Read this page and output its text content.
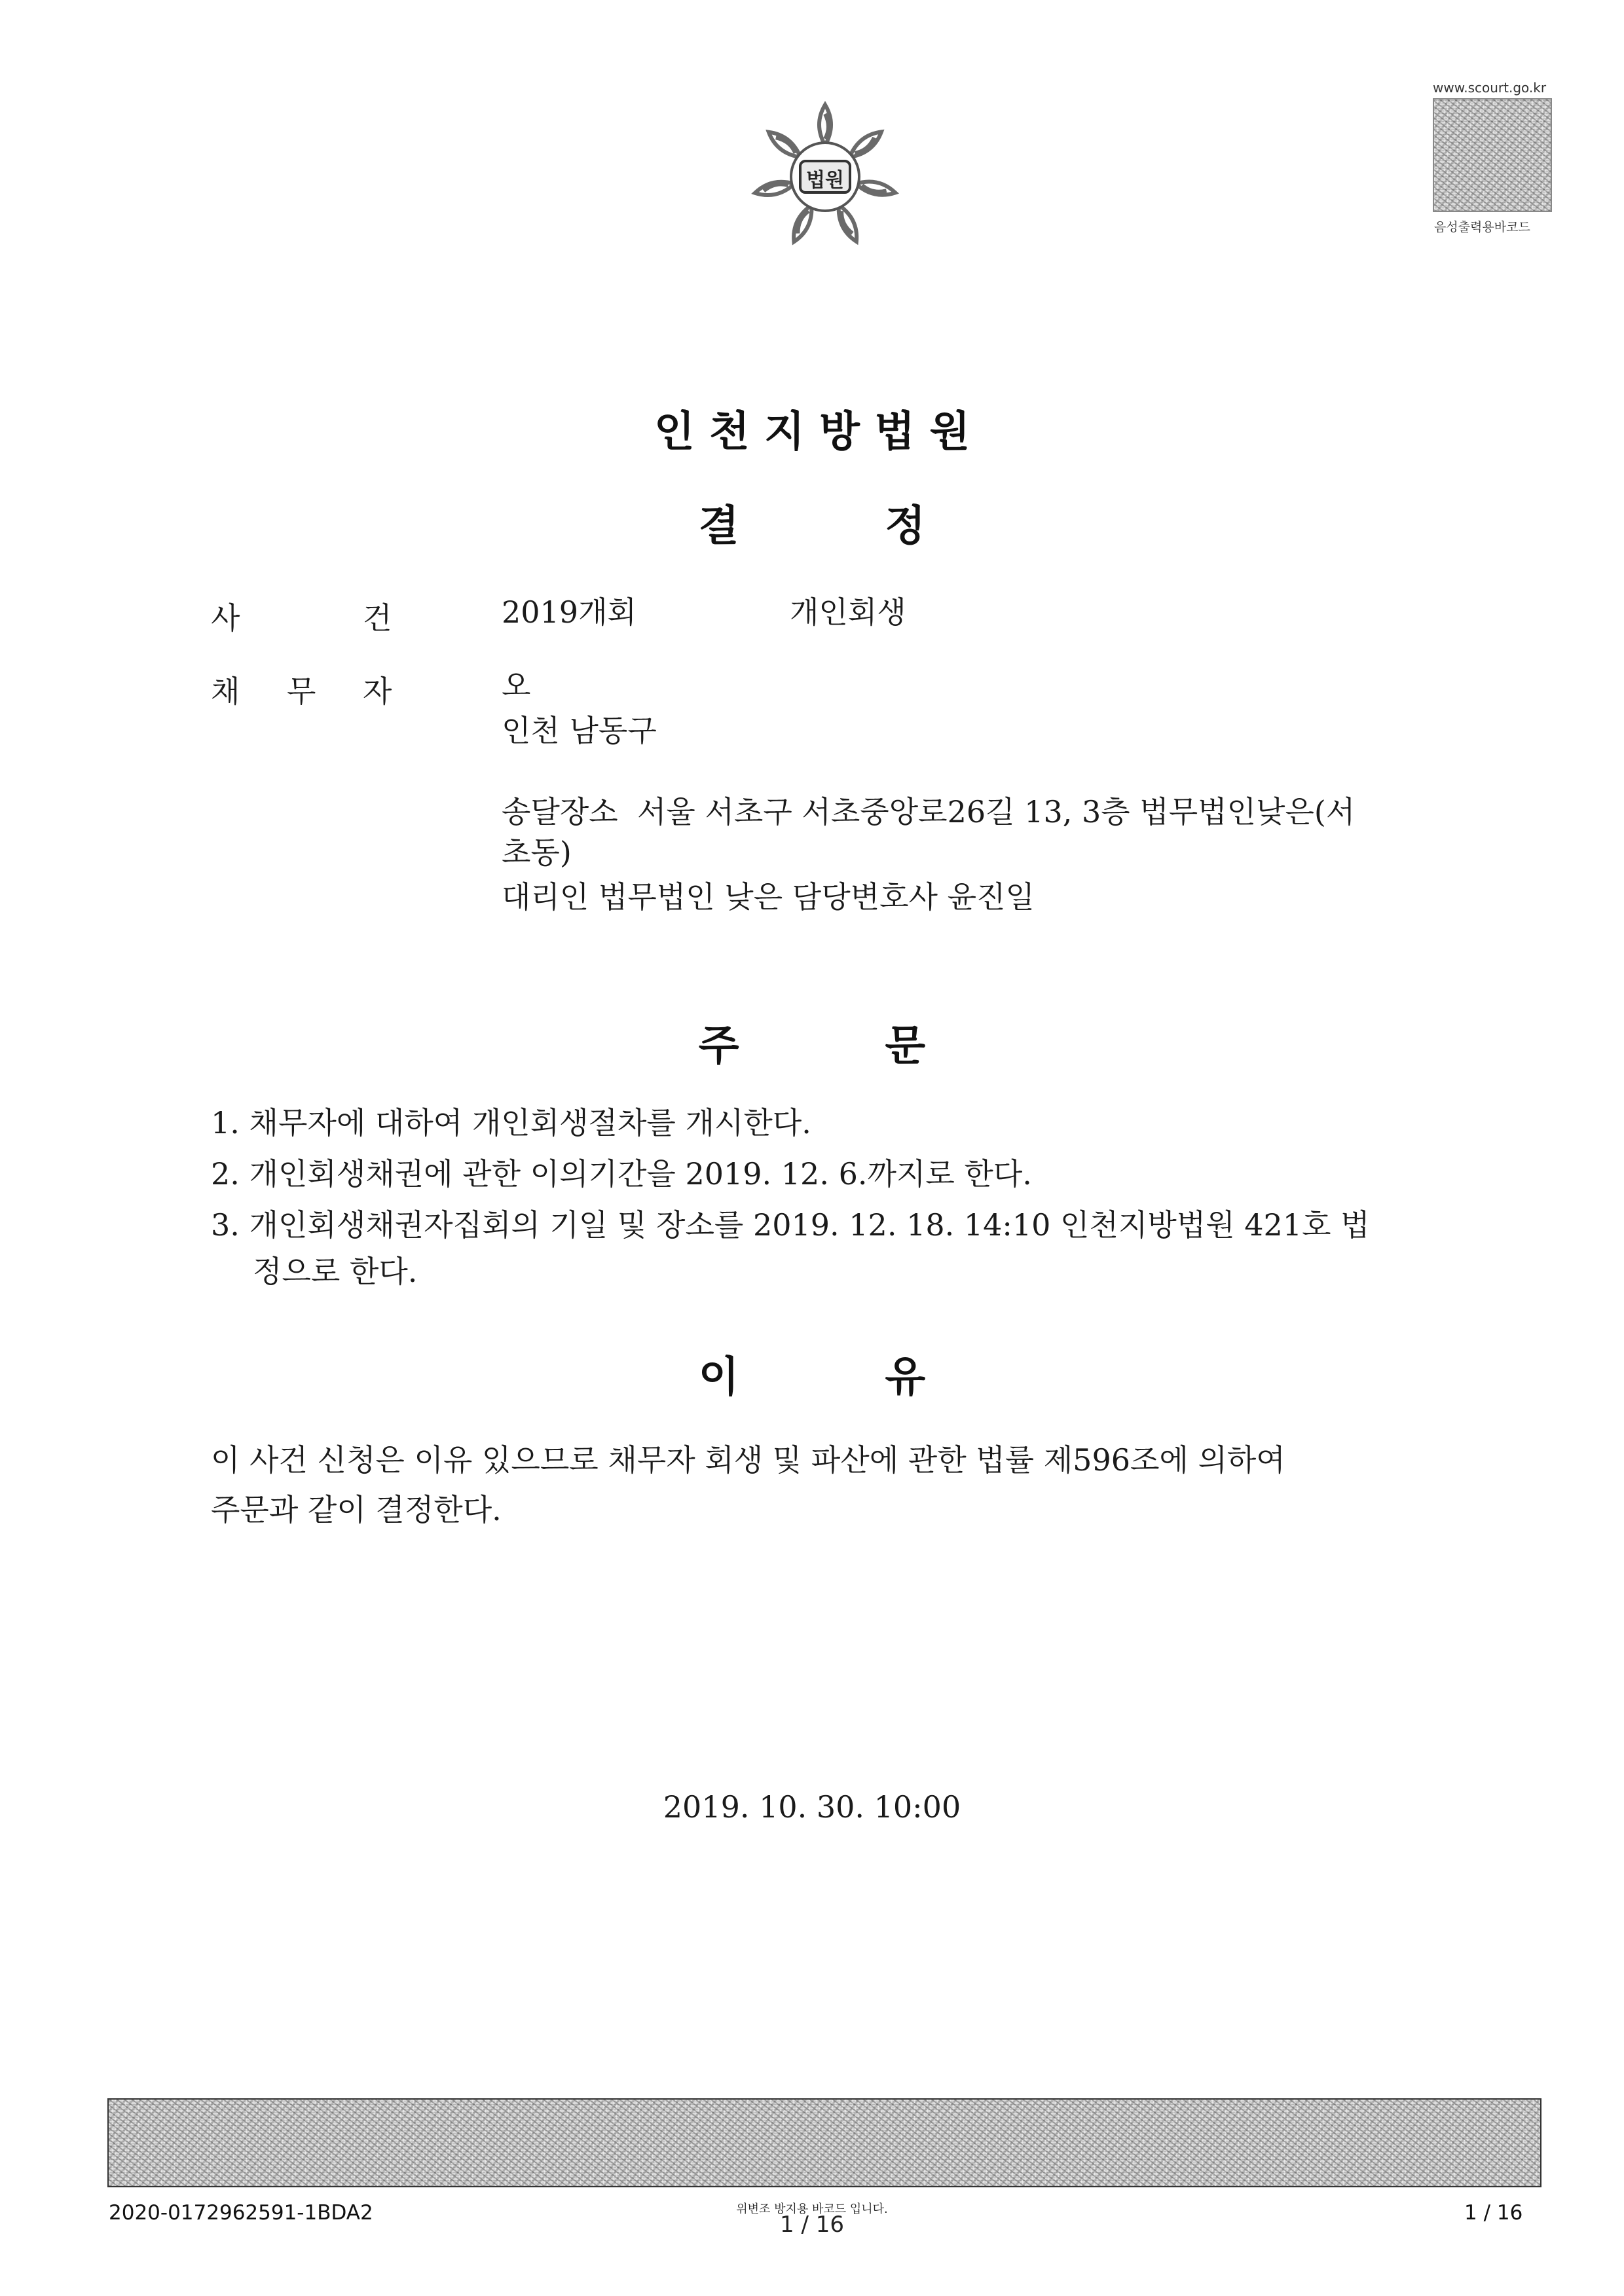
법원
www.scourt.go.kr
음성출력용바코드
인 천 지 방 법 원
결          정
사	건	2019개회	개인회생
채 무 자	오
인천 남동구
송달장소  서울 서초구 서초중앙로26길 13, 3층 법무법인낮은(서
초동)
대리인 법무법인 낮은 담당변호사 윤진일
주          문
1. 채무자에 대하여 개인회생절차를 개시한다.
2. 개인회생채권에 관한 이의기간을 2019. 12. 6.까지로 한다.
3. 개인회생채권자집회의 기일 및 장소를 2019. 12. 18. 14:10 인천지방법원 421호 법
정으로 한다.
이          유
이 사건 신청은 이유 있으므로 채무자 회생 및 파산에 관한 법률 제596조에 의하여
주문과 같이 결정한다.
2019. 10. 30. 10:00
2020-0172962591-1BDA2	위변조 방지용 바코드 입니다.
1 / 16	1 / 16
